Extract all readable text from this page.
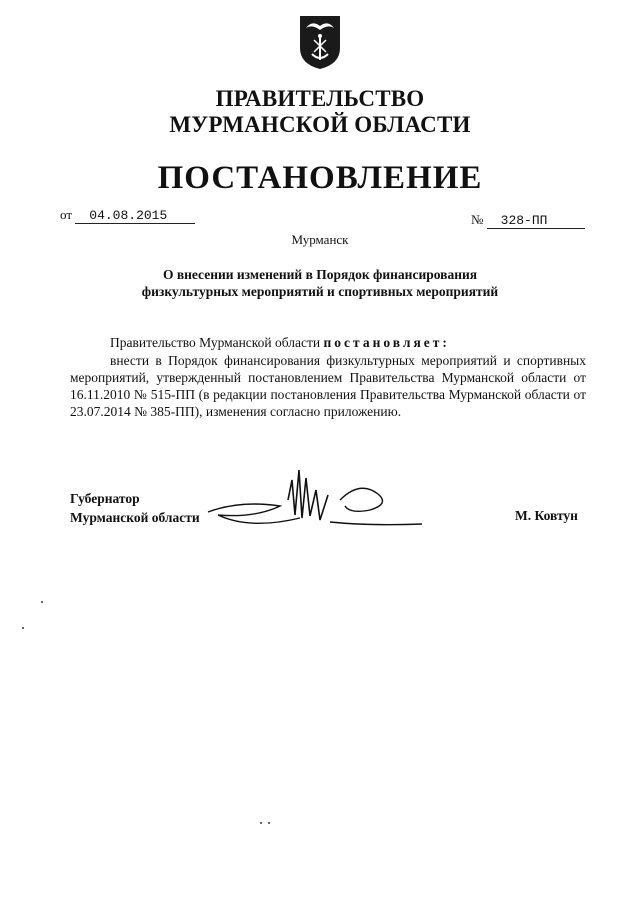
ПРАВИТЕЛЬСТВО
МУРМАНСКОЙ ОБЛАСТИ
ПОСТАНОВЛЕНИЕ
от 04.08.2015	№ 328-ПП
Мурманск
О внесении изменений в Порядок финансирования
физкультурных мероприятий и спортивных мероприятий
Правительство Мурманской области постановляет:
внести в Порядок финансирования физкультурных мероприятий и спортивных мероприятий, утвержденный постановлением Правительства Мурманской области от 16.11.2010 № 515-ПП (в редакции постановления Правительства Мурманской области от 23.07.2014 № 385-ПП), изменения согласно приложению.
Губернатор
Мурманской области	М. Ковтун
